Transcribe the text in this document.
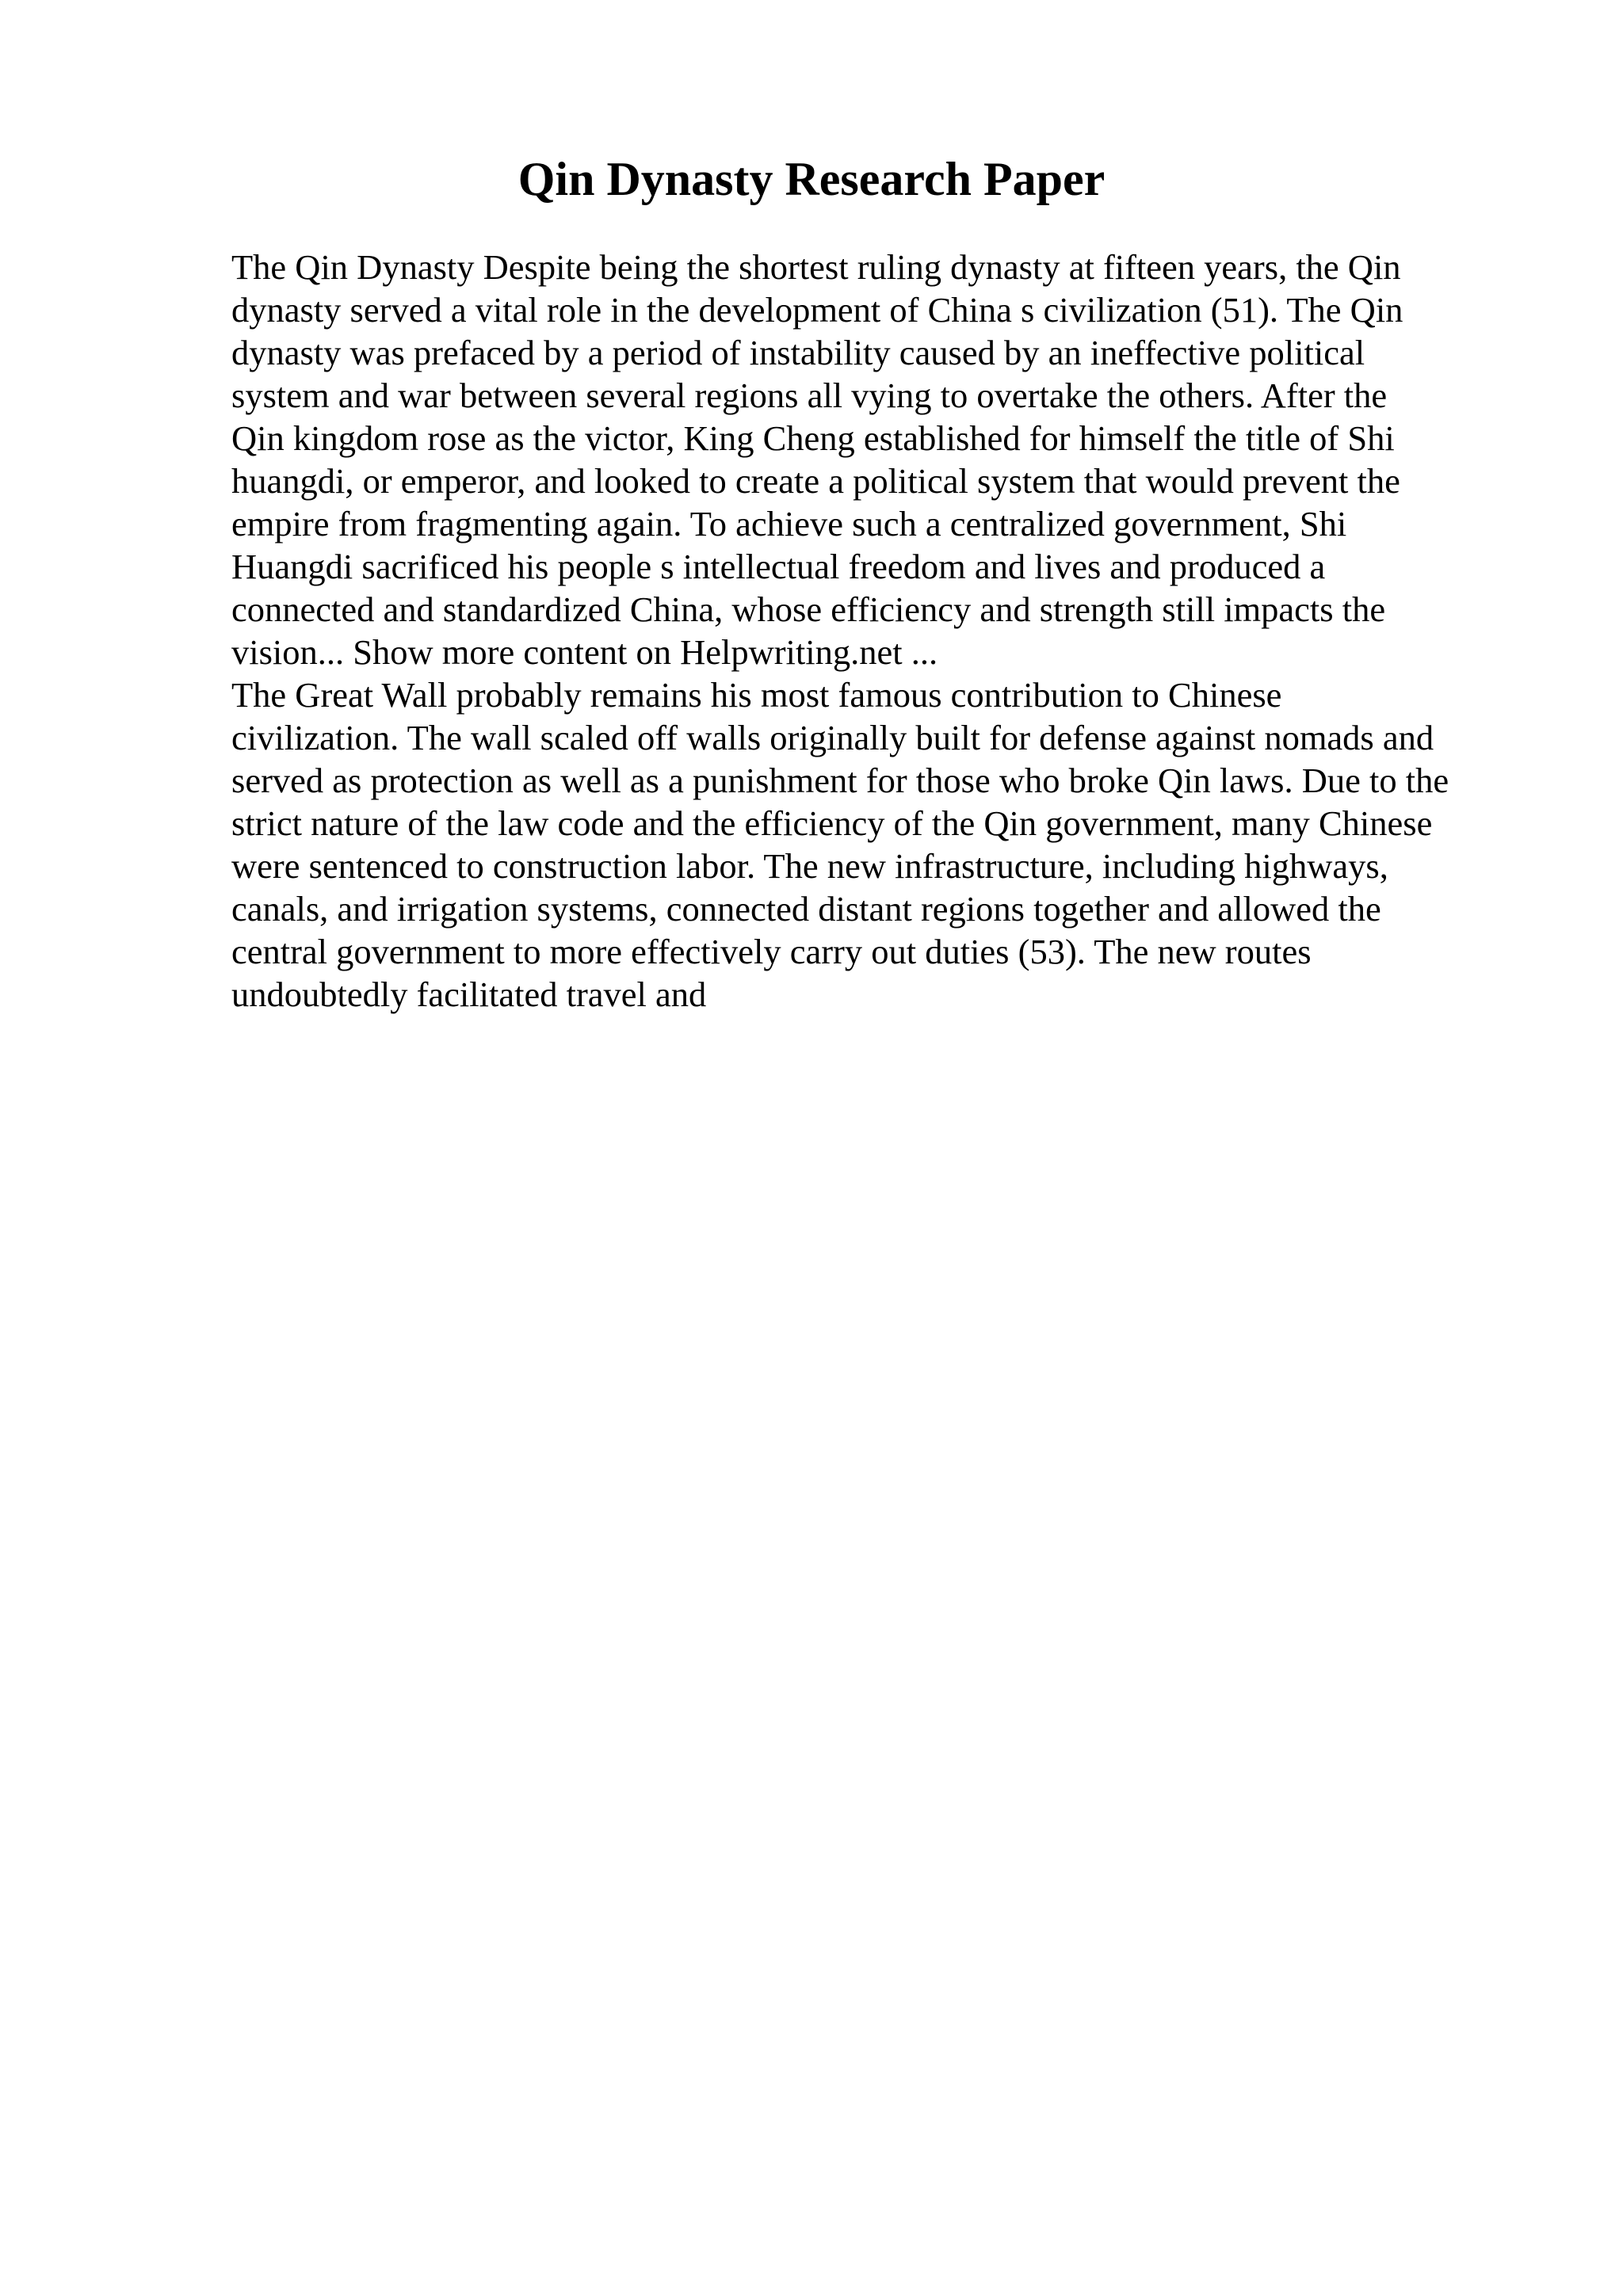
Qin Dynasty Research Paper
The Qin Dynasty Despite being the shortest ruling dynasty at fifteen years, the Qin
dynasty served a vital role in the development of China s civilization (51). The Qin
dynasty was prefaced by a period of instability caused by an ineffective political
system and war between several regions all vying to overtake the others. After the
Qin kingdom rose as the victor, King Cheng established for himself the title of Shi
huangdi, or emperor, and looked to create a political system that would prevent the
empire from fragmenting again. To achieve such a centralized government, Shi
Huangdi sacrificed his people s intellectual freedom and lives and produced a
connected and standardized China, whose efficiency and strength still impacts the
vision... Show more content on Helpwriting.net ...
The Great Wall probably remains his most famous contribution to Chinese
civilization. The wall scaled off walls originally built for defense against nomads and
served as protection as well as a punishment for those who broke Qin laws. Due to the
strict nature of the law code and the efficiency of the Qin government, many Chinese
were sentenced to construction labor. The new infrastructure, including highways,
canals, and irrigation systems, connected distant regions together and allowed the
central government to more effectively carry out duties (53). The new routes
undoubtedly facilitated travel and
